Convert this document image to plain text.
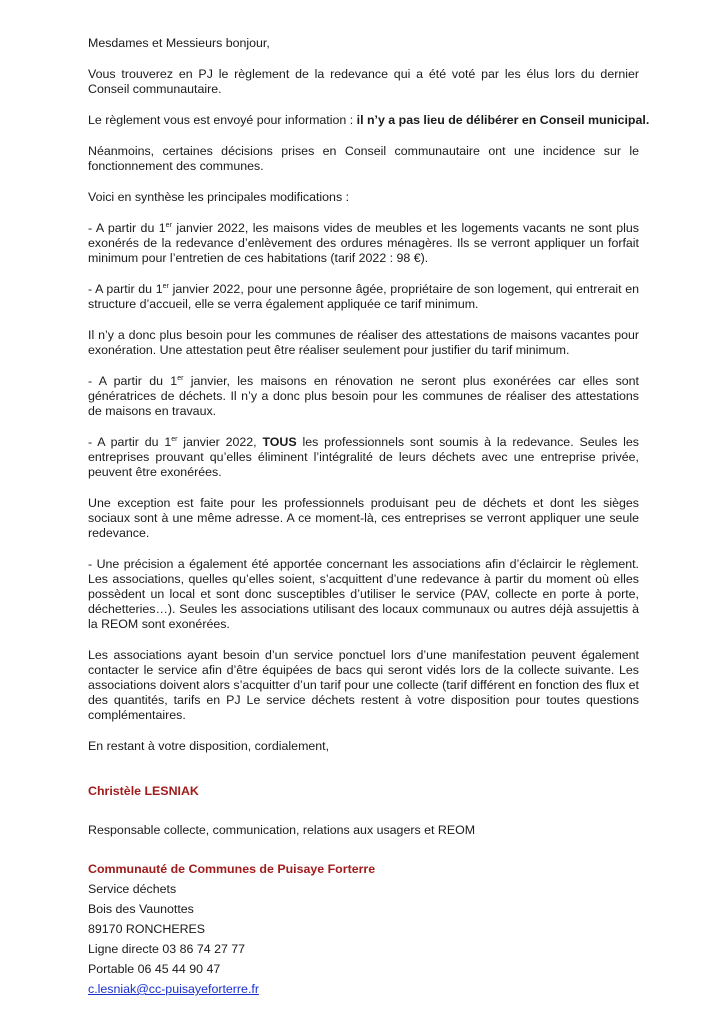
Mesdames et Messieurs bonjour,

Vous trouverez en PJ le règlement de la redevance qui a été voté par les élus lors du dernier Conseil communautaire.

Le règlement vous est envoyé pour information : il n’y a pas lieu de délibérer en Conseil municipal.

Néanmoins, certaines décisions prises en Conseil communautaire ont une incidence sur le fonctionnement des communes.

Voici en synthèse les principales modifications :

- A partir du 1er janvier 2022, les maisons vides de meubles et les logements vacants ne sont plus exonérés de la redevance d’enlèvement des ordures ménagères. Ils se verront appliquer un forfait minimum pour l’entretien de ces habitations (tarif 2022 : 98 €).

- A partir du 1er janvier 2022, pour une personne âgée, propriétaire de son logement, qui entrerait en structure d’accueil, elle se verra également appliquée ce tarif minimum.

Il n’y a donc plus besoin pour les communes de réaliser des attestations de maisons vacantes pour exonération. Une attestation peut être réaliser seulement pour justifier du tarif minimum.

- A partir du 1er janvier, les maisons en rénovation ne seront plus exonérées car elles sont génératrices de déchets. Il n’y a donc plus besoin pour les communes de réaliser des attestations de maisons en travaux.

- A partir du 1er janvier 2022, TOUS les professionnels sont soumis à la redevance. Seules les entreprises prouvant qu’elles éliminent l’intégralité de leurs déchets avec une entreprise privée, peuvent être exonérées.

Une exception est faite pour les professionnels produisant peu de déchets et dont les sièges sociaux sont à une même adresse. A ce moment-là, ces entreprises se verront appliquer une seule redevance.

- Une précision a également été apportée concernant les associations afin d’éclaircir le règlement. Les associations, quelles qu’elles soient, s’acquittent d’une redevance à partir du moment où elles possèdent un local et sont donc susceptibles d’utiliser le service (PAV, collecte en porte à porte, déchetteries…). Seules les associations utilisant des locaux communaux ou autres déjà assujettis à la REOM sont exonérées.

Les associations ayant besoin d’un service ponctuel lors d’une manifestation peuvent également contacter le service afin d’être équipées de bacs qui seront vidés lors de la collecte suivante. Les associations doivent alors s’acquitter d’un tarif pour une collecte (tarif différent en fonction des flux et des quantités, tarifs en PJ Le service déchets restent à votre disposition pour toutes questions complémentaires.

En restant à votre disposition, cordialement,

Christèle LESNIAK
Responsable collecte, communication, relations aux usagers et REOM
Communauté de Communes de Puisaye Forterre
Service déchets
Bois des Vaunottes
89170 RONCHERES
Ligne directe 03 86 74 27 77
Portable 06 45 44 90 47
c.lesniak@cc-puisayeforterre.fr
